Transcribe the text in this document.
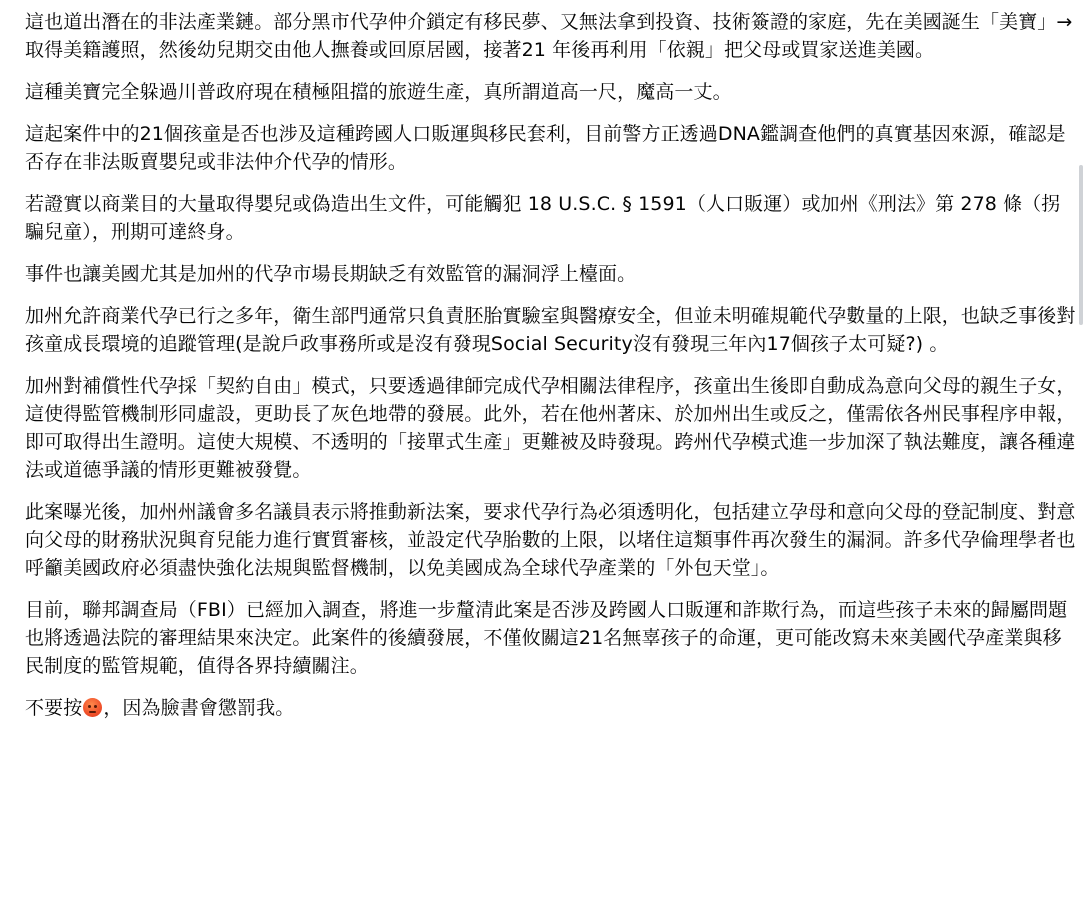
這也道出潛在的非法產業鏈。部分黑市代孕仲介鎖定有移民夢、又無法拿到投資、技術簽證的家庭，先在美國誕生「美寶」→取得美籍護照，然後幼兒期交由他人撫養或回原居國，接著21 年後再利用「依親」把父母或買家送進美國。

這種美寶完全躲過川普政府現在積極阻擋的旅遊生產，真所謂道高一尺，魔高一丈。

這起案件中的21個孩童是否也涉及這種跨國人口販運與移民套利，目前警方正透過DNA鑑調查他們的真實基因來源，確認是否存在非法販賣嬰兒或非法仲介代孕的情形。

若證實以商業目的大量取得嬰兒或偽造出生文件，可能觸犯 18 U.S.C. § 1591（人口販運）或加州《刑法》第 278 條（拐騙兒童），刑期可達終身。

事件也讓美國尤其是加州的代孕市場長期缺乏有效監管的漏洞浮上檯面。

加州允許商業代孕已行之多年，衛生部門通常只負責胚胎實驗室與醫療安全，但並未明確規範代孕數量的上限，也缺乏事後對孩童成長環境的追蹤管理(是說戶政事務所或是沒有發現Social Security沒有發現三年內17個孩子太可疑?) 。

加州對補償性代孕採「契約自由」模式，只要透過律師完成代孕相關法律程序，孩童出生後即自動成為意向父母的親生子女，這使得監管機制形同虛設，更助長了灰色地帶的發展。此外，若在他州著床、於加州出生或反之，僅需依各州民事程序申報，即可取得出生證明。這使大規模、不透明的「接單式生產」更難被及時發現。跨州代孕模式進一步加深了執法難度，讓各種違法或道德爭議的情形更難被發覺。

此案曝光後，加州州議會多名議員表示將推動新法案，要求代孕行為必須透明化，包括建立孕母和意向父母的登記制度、對意向父母的財務狀況與育兒能力進行實質審核，並設定代孕胎數的上限，以堵住這類事件再次發生的漏洞。許多代孕倫理學者也呼籲美國政府必須盡快強化法規與監督機制，以免美國成為全球代孕產業的「外包天堂」。

目前，聯邦調查局（FBI）已經加入調查，將進一步釐清此案是否涉及跨國人口販運和詐欺行為，而這些孩子未來的歸屬問題也將透過法院的審理結果來決定。此案件的後續發展，不僅攸關這21名無辜孩子的命運，更可能改寫未來美國代孕產業與移民制度的監管規範，值得各界持續關注。

不要按 ，因為臉書會懲罰我。
